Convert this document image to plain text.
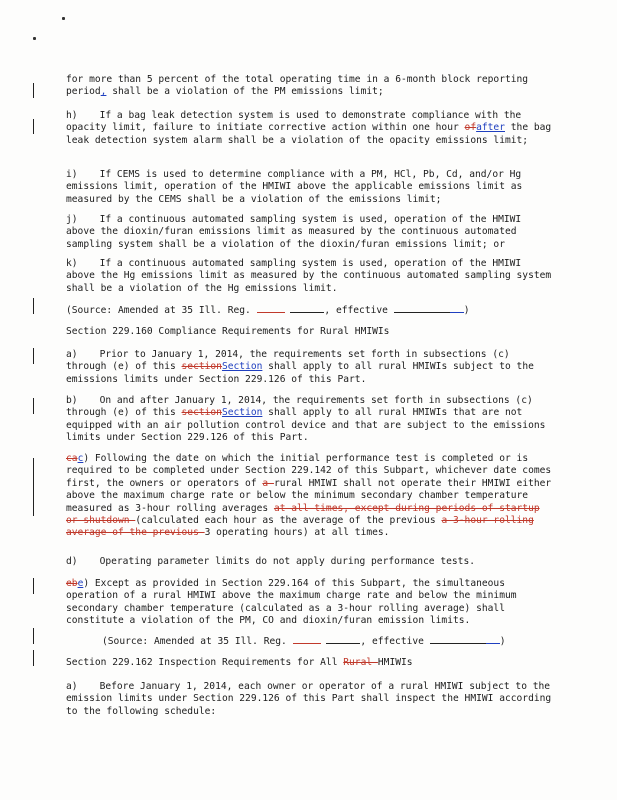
for more than 5 percent of the total operating time in a 6-month block reporting
period, shall be a violation of the PM emissions limit;

h) If a bag leak detection system is used to demonstrate compliance with the opacity limit, failure to initiate corrective action within one hour ofafter the bag leak detection system alarm shall be a violation of the opacity emissions limit;

i) If CEMS is used to determine compliance with a PM, HCl, Pb, Cd, and/or Hg emissions limit, operation of the HMIWI above the applicable emissions limit as measured by the CEMS shall be a violation of the emissions limit;

j) If a continuous automated sampling system is used, operation of the HMIWI above the dioxin/furan emissions limit as measured by the continuous automated sampling system shall be a violation of the dioxin/furan emissions limit; or

k) If a continuous automated sampling system is used, operation of the HMIWI above the Hg emissions limit as measured by the continuous automated sampling system shall be a violation of the Hg emissions limit.

(Source: Amended at 35 Ill. Reg.	, effective	)

Section 229.160 Compliance Requirements for Rural HMIWIs

a) Prior to January 1, 2014, the requirements set forth in subsections (c) through (e) of this sectionSection shall apply to all rural HMIWIs subject to the emissions limits under Section 229.126 of this Part.

b) On and after January 1, 2014, the requirements set forth in subsections (c) through (e) of this sectionSection shall apply to all rural HMIWIs that are not equipped with an air pollution control device and that are subject to the emissions limits under Section 229.126 of this Part.

cac) Following the date on which the initial performance test is completed or is required to be completed under Section 229.142 of this Subpart, whichever date comes first, the owners or operators of a rural HMIWI shall not operate their HMIWI either above the maximum charge rate or below the minimum secondary chamber temperature measured as 3-hour rolling averages at all times, except during periods of startup or shutdown (calculated each hour as the average of the previous a 3-hour rolling average of the previous 3 operating hours) at all times.

d) Operating parameter limits do not apply during performance tests.

ebe) Except as provided in Section 229.164 of this Subpart, the simultaneous operation of a rural HMIWI above the maximum charge rate and below the minimum secondary chamber temperature (calculated as a 3-hour rolling average) shall constitute a violation of the PM, CO and dioxin/furan emission limits.

(Source: Amended at 35 Ill. Reg.	, effective	)

Section 229.162 Inspection Requirements for All Rural HMIWIs

a) Before January 1, 2014, each owner or operator of a rural HMIWI subject to the emission limits under Section 229.126 of this Part shall inspect the HMIWI according to the following schedule:
